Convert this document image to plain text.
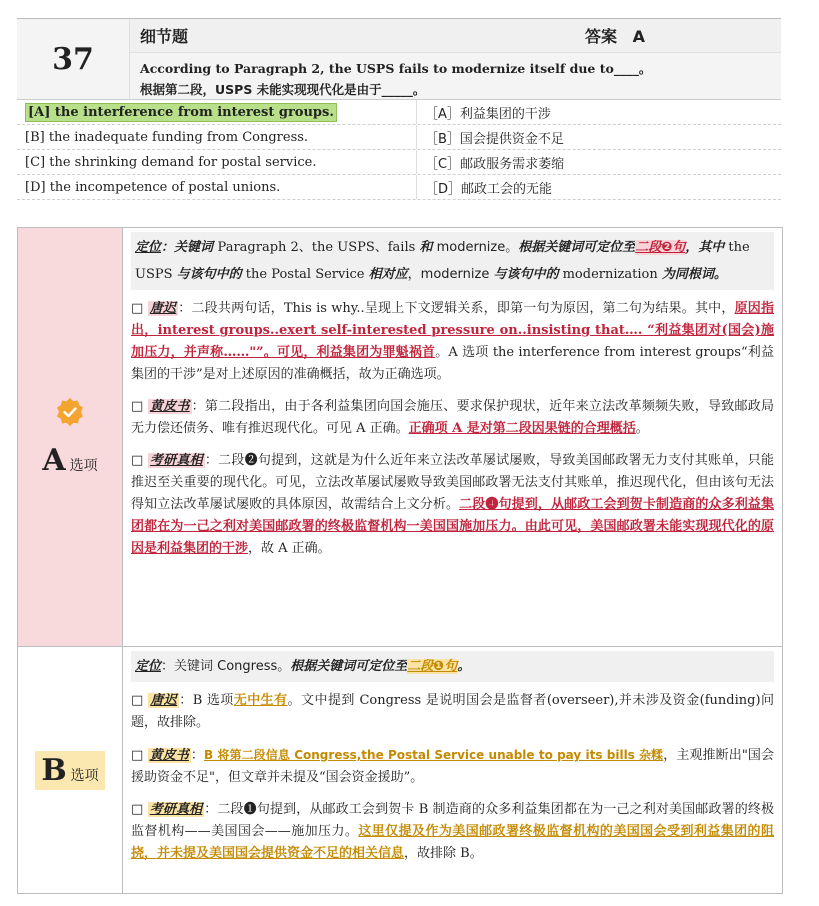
37
细节题	答案 A
According to Paragraph 2, the USPS fails to modernize itself due to____。
根据第二段，USPS 未能实现现代化是由于_____。
[A] the interference from interest groups.	［A］利益集团的干涉
[B] the inadequate funding from Congress.	［B］国会提供资金不足
[C] the shrinking demand for postal service.	［C］邮政服务需求萎缩
[D] the incompetence of postal unions.	［D］邮政工会的无能
A选项
定位：关键词 Paragraph 2、the USPS、fails 和 modernize。根据关键词可定位至二段❷句，其中 the USPS 与该句中的 the Postal Service 相对应，modernize 与该句中的 modernization 为同根词。

□ 唐迟 ：二段共两句话，This is why..呈现上下文逻辑关系，即第一句为原因，第二句为结果。其中，原因指出，interest groups..exert self-interested pressure on..insisting that…. “利益集团对(国会)施加压力，并声称……"”。可见，利益集团为罪魁祸首。A 选项 the interference from interest groups“利益集团的干涉”是对上述原因的准确概括，故为正确选项。

□ 黄皮书 ：第二段指出，由于各利益集团向国会施压、要求保护现状，近年来立法改革频频失败，导致邮政局无力偿还债务、唯有推迟现代化。可见 A 正确。正确项 A 是对第二段因果链的合理概括。

□ 考研真相 ：二段❷句提到，这就是为什么近年来立法改革屡试屡败，导致美国邮政署无力支付其账单，只能推迟至关重要的现代化。可见，立法改革屡试屡败导致美国邮政署无法支付其账单，推迟现代化，但由该句无法得知立法改革屡试屡败的具体原因，故需结合上文分析。二段❹句提到，从邮政工会到贺卡制造商的众多利益集团都在为一己之利对美国邮政署的终极监督机构一美国国施加压力。由此可见，美国邮政署未能实现现代化的原因是利益集团的干涉，故 A 正确。

B选项
定位：关键词 Congress。根据关键词可定位至二段❶句。

□ 唐迟 ：B 选项无中生有。文中提到 Congress 是说明国会是监督者(overseer),并未涉及资金(funding)问题，故排除。

□ 黄皮书 ：B 将第二段信息 Congress,the Postal Service unable to pay its bills 杂糅，主观推断出"国会援助资金不足"，但文章并未提及“国会资金援助”。

□ 考研真相 ：二段❶句提到，从邮政工会到贺卡 B 制造商的众多利益集团都在为一己之利对美国邮政署的终极监督机构——美国国会——施加压力。这里仅提及作为美国邮政署终极监督机构的美国国会受到利益集团的阻挠，并未提及美国国会提供资金不足的相关信息，故排除 B。
